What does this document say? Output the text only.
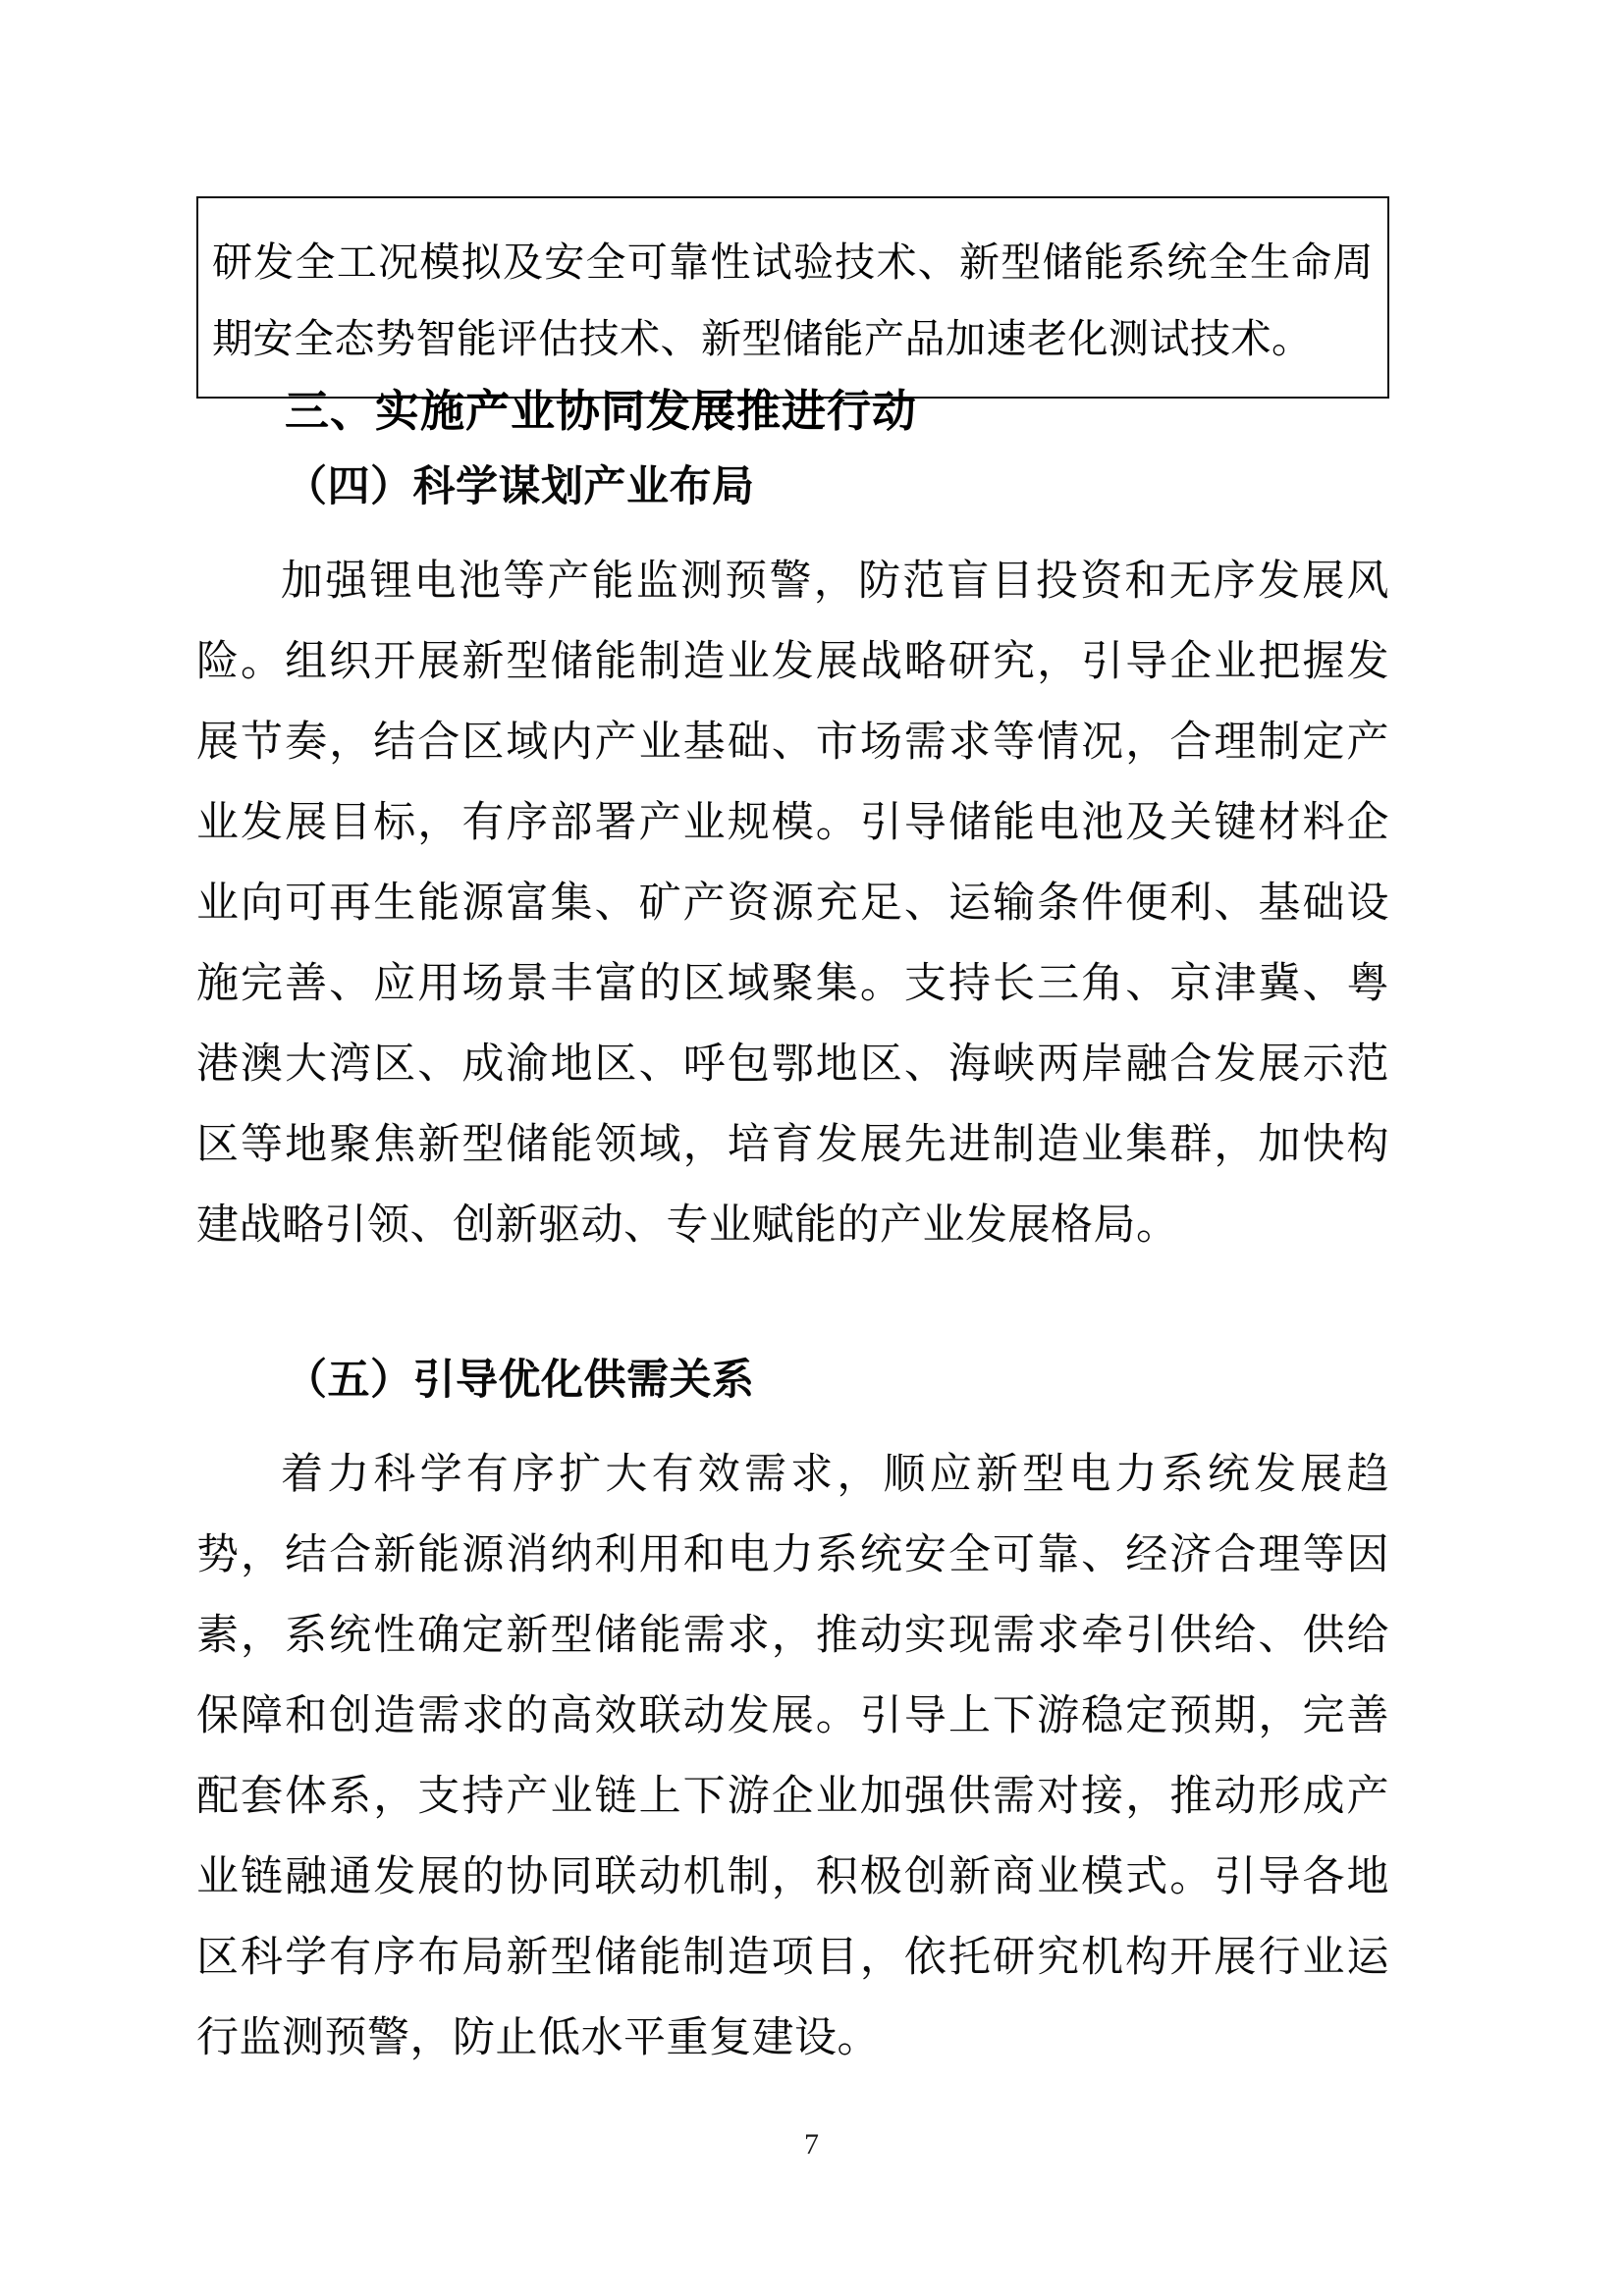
研发全工况模拟及安全可靠性试验技术、新型储能系统全生命周期安全态势智能评估技术、新型储能产品加速老化测试技术。

三、实施产业协同发展推进行动
（四）科学谋划产业布局

加强锂电池等产能监测预警，防范盲目投资和无序发展风险。组织开展新型储能制造业发展战略研究，引导企业把握发展节奏，结合区域内产业基础、市场需求等情况，合理制定产业发展目标，有序部署产业规模。引导储能电池及关键材料企业向可再生能源富集、矿产资源充足、运输条件便利、基础设施完善、应用场景丰富的区域聚集。支持长三角、京津冀、粤港澳大湾区、成渝地区、呼包鄂地区、海峡两岸融合发展示范区等地聚焦新型储能领域，培育发展先进制造业集群，加快构建战略引领、创新驱动、专业赋能的产业发展格局。

（五）引导优化供需关系

着力科学有序扩大有效需求，顺应新型电力系统发展趋势，结合新能源消纳利用和电力系统安全可靠、经济合理等因素，系统性确定新型储能需求，推动实现需求牵引供给、供给保障和创造需求的高效联动发展。引导上下游稳定预期，完善配套体系，支持产业链上下游企业加强供需对接，推动形成产业链融通发展的协同联动机制，积极创新商业模式。引导各地区科学有序布局新型储能制造项目，依托研究机构开展行业运行监测预警，防止低水平重复建设。

7
